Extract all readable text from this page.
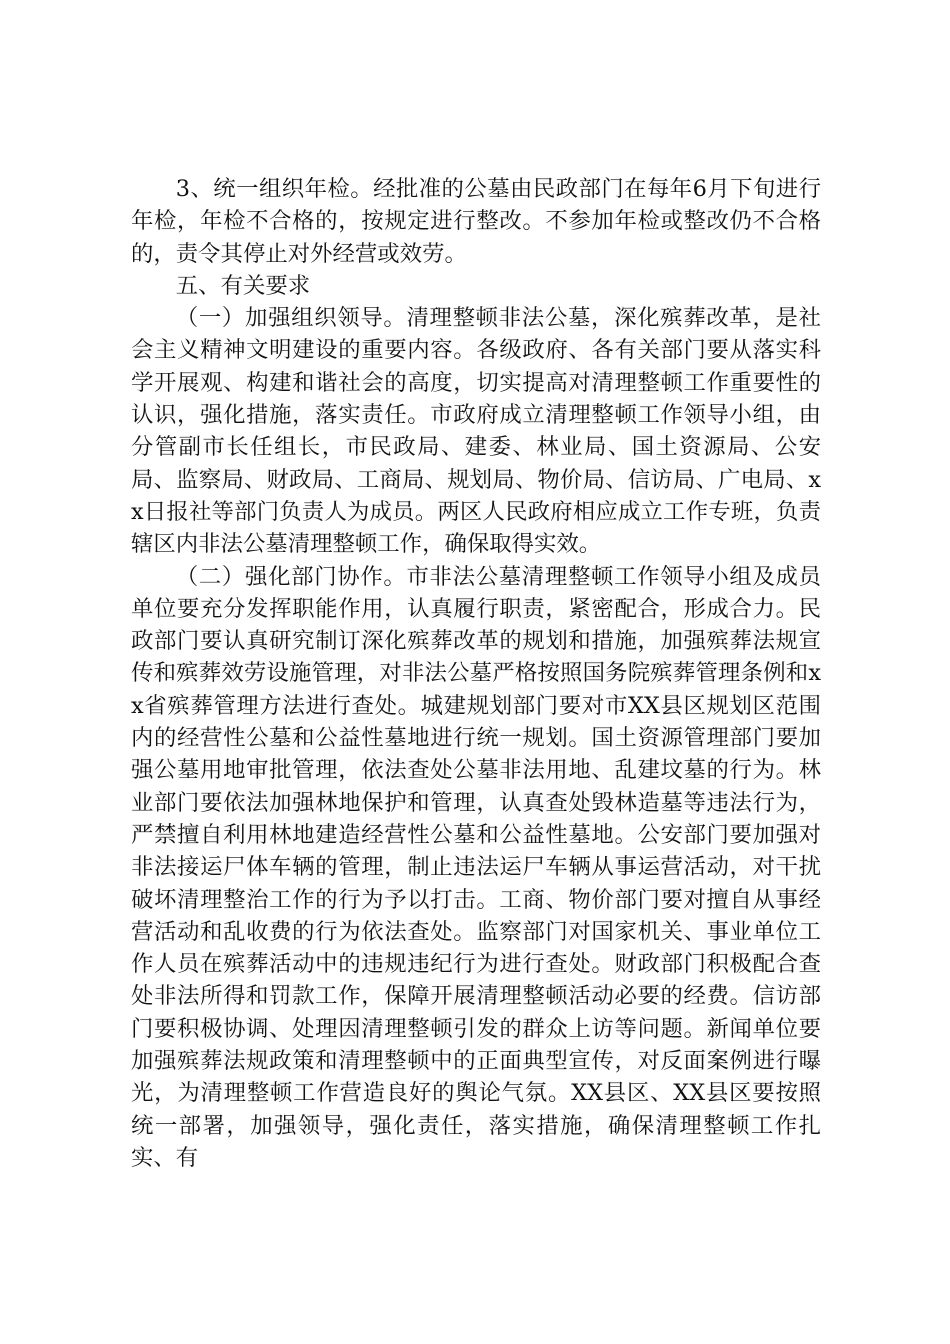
3、统一组织年检。经批准的公墓由民政部门在每年6月下旬进行年检，年检不合格的，按规定进行整改。不参加年检或整改仍不合格的，责令其停止对外经营或效劳。

五、有关要求

（一）加强组织领导。清理整顿非法公墓，深化殡葬改革，是社会主义精神文明建设的重要内容。各级政府、各有关部门要从落实科学开展观、构建和谐社会的高度，切实提高对清理整顿工作重要性的认识，强化措施，落实责任。市政府成立清理整顿工作领导小组，由分管副市长任组长，市民政局、建委、林业局、国土资源局、公安局、监察局、财政局、工商局、规划局、物价局、信访局、广电局、xx日报社等部门负责人为成员。两区人民政府相应成立工作专班，负责辖区内非法公墓清理整顿工作，确保取得实效。

（二）强化部门协作。市非法公墓清理整顿工作领导小组及成员单位要充分发挥职能作用，认真履行职责，紧密配合，形成合力。民政部门要认真研究制订深化殡葬改革的规划和措施，加强殡葬法规宣传和殡葬效劳设施管理，对非法公墓严格按照国务院殡葬管理条例和xx省殡葬管理方法进行查处。城建规划部门要对市XX县区规划区范围内的经营性公墓和公益性墓地进行统一规划。国土资源管理部门要加强公墓用地审批管理，依法查处公墓非法用地、乱建坟墓的行为。林业部门要依法加强林地保护和管理，认真查处毁林造墓等违法行为，严禁擅自利用林地建造经营性公墓和公益性墓地。公安部门要加强对非法接运尸体车辆的管理，制止违法运尸车辆从事运营活动，对干扰破坏清理整治工作的行为予以打击。工商、物价部门要对擅自从事经营活动和乱收费的行为依法查处。监察部门对国家机关、事业单位工作人员在殡葬活动中的违规违纪行为进行查处。财政部门积极配合查处非法所得和罚款工作，保障开展清理整顿活动必要的经费。信访部门要积极协调、处理因清理整顿引发的群众上访等问题。新闻单位要加强殡葬法规政策和清理整顿中的正面典型宣传，对反面案例进行曝光，为清理整顿工作营造良好的舆论气氛。XX县区、XX县区要按照统一部署，加强领导，强化责任，落实措施，确保清理整顿工作扎实、有
